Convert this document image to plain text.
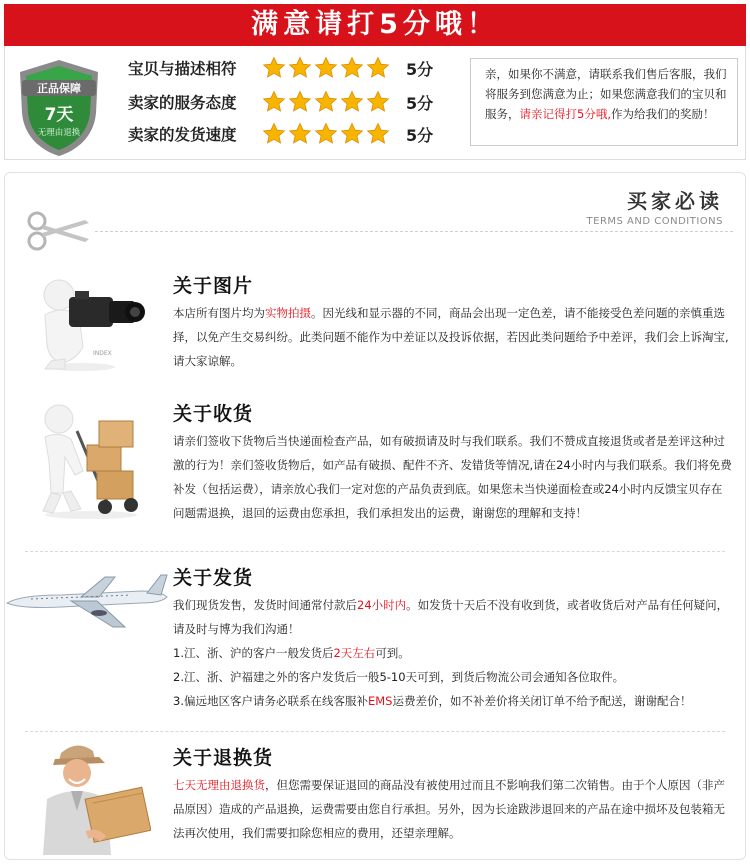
满意请打5分哦！
正品保障
7天
无理由退换
宝贝与描述相符	5分
卖家的服务态度	5分
卖家的发货速度	5分
亲，如果你不满意，请联系我们售后客服，我们将服务到您满意为止；如果您满意我们的宝贝和服务，请亲记得打5分哦,作为给我们的奖励！
买家必读
TERMS AND CONDITIONS
INDEX
关于图片

本店所有图片均为实物拍摄。因光线和显示器的不同，商品会出现一定色差，请不能接受色差问题的亲慎重选择，以免产生交易纠纷。此类问题不能作为中差证以及投诉依据，若因此类问题给予中差评，我们会上诉淘宝,请大家谅解。

关于收货

请亲们签收下货物后当快递面检查产品，如有破损请及时与我们联系。我们不赞成直接退货或者是差评这种过激的行为！亲们签收货物后，如产品有破损、配件不齐、发错货等情况,请在24小时内与我们联系。我们将免费补发（包括运费），请亲放心我们一定对您的产品负责到底。如果您未当快递面检查或24小时内反馈宝贝存在问题需退换，退回的运费由您承担，我们承担发出的运费，谢谢您的理解和支持！

关于发货

我们现货发售，发货时间通常付款后24小时内。如发货十天后不没有收到货，或者收货后对产品有任何疑问，请及时与博为我们沟通！

1.江、浙、沪的客户一般发货后2天左右可到。

2.江、浙、沪福建之外的客户发货后一般5-10天可到，到货后物流公司会通知各位取件。

3.偏远地区客户请务必联系在线客服补EMS运费差价，如不补差价将关闭订单不给予配送，谢谢配合！

关于退换货

七天无理由退换货，但您需要保证退回的商品没有被使用过而且不影响我们第二次销售。由于个人原因（非产品原因）造成的产品退换，运费需要由您自行承担。另外，因为长途跋涉退回来的产品在途中损坏及包装箱无法再次使用，我们需要扣除您相应的费用，还望亲理解。
